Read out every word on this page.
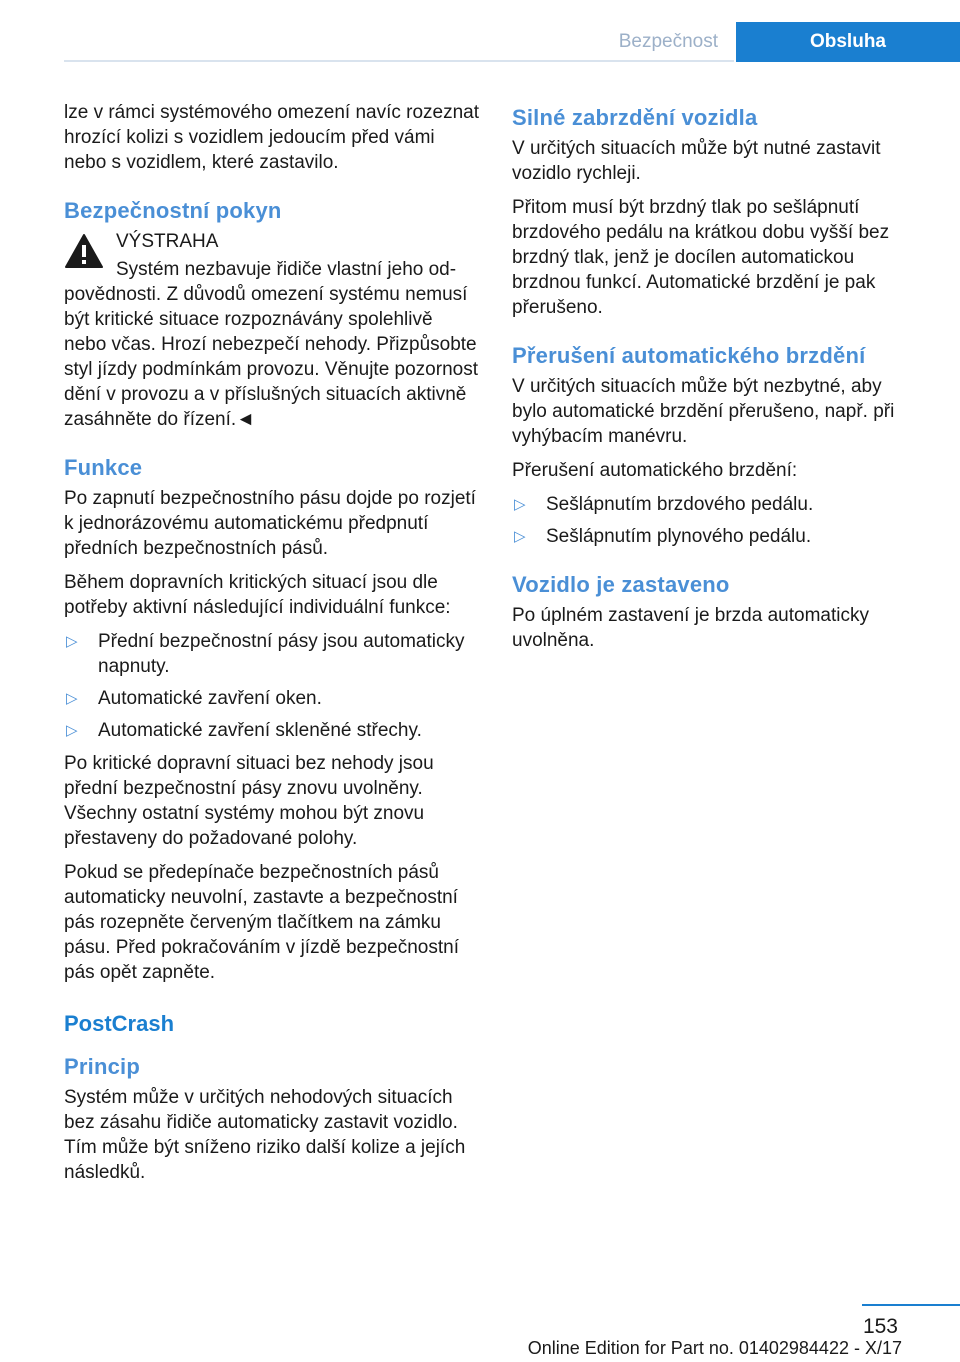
Bezpečnost	Obsluha

lze v rámci systémového omezení navíc rozeznat hrozící kolizi s vozidlem jedoucím před vámi nebo s vozidlem, které zastavilo.

Bezpečnostní pokyn

VÝSTRAHA

Systém nezbavuje řidiče vlastní jeho odpovědnosti. Z důvodů omezení systému nemusí být kritické situace rozpoznávány spolehlivě nebo včas. Hrozí nebezpečí nehody. Přizpůsobte styl jízdy podmínkám provozu. Věnujte pozornost dění v provozu a v příslušných situacích aktivně zasáhněte do řízení.◄

Funkce

Po zapnutí bezpečnostního pásu dojde po rozjetí k jednorázovému automatickému předpnutí předních bezpečnostních pásů.

Během dopravních kritických situací jsou dle potřeby aktivní následující individuální funkce:

▷ Přední bezpečnostní pásy jsou automaticky napnuty.
▷ Automatické zavření oken.
▷ Automatické zavření skleněné střechy.

Po kritické dopravní situaci bez nehody jsou přední bezpečnostní pásy znovu uvolněny. Všechny ostatní systémy mohou být znovu přestaveny do požadované polohy.

Pokud se předepínače bezpečnostních pásů automaticky neuvolní, zastavte a bezpečnostní pás rozepněte červeným tlačítkem na zámku pásu. Před pokračováním v jízdě bezpečnostní pás opět zapněte.

PostCrash
Princip

Systém může v určitých nehodových situacích bez zásahu řidiče automaticky zastavit vozidlo. Tím může být sníženo riziko další kolize a jejích následků.

Silné zabrzdění vozidla

V určitých situacích může být nutné zastavit vozidlo rychleji.

Přitom musí být brzdný tlak po sešlápnutí brzdového pedálu na krátkou dobu vyšší bez brzdný tlak, jenž je docílen automatickou brzdnou funkcí. Automatické brzdění je pak přerušeno.

Přerušení automatického brzdění

V určitých situacích může být nezbytné, aby bylo automatické brzdění přerušeno, např. při vyhýbacím manévru.

Přerušení automatického brzdění:

▷ Sešlápnutím brzdového pedálu.
▷ Sešlápnutím plynového pedálu.
Vozidlo je zastaveno

Po úplném zastavení je brzda automaticky uvolněna.

153
Online Edition for Part no. 01402984422 - X/17
